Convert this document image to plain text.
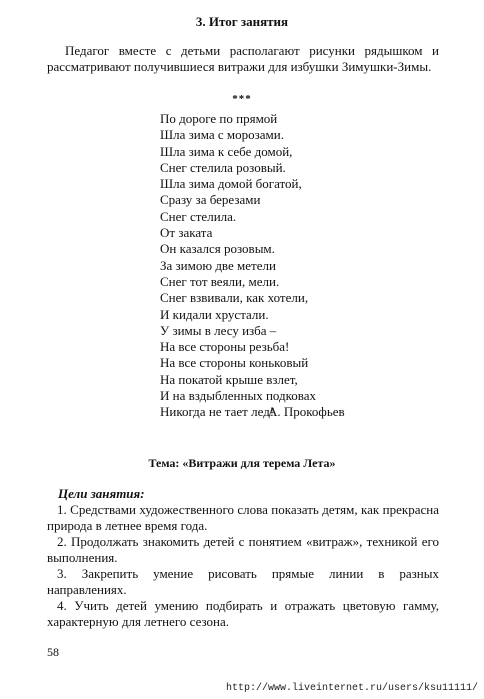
3. Итог занятия

Педагог вместе с детьми располагают рисунки рядышком и рассматривают получившиеся витражи для избушки Зимушки-Зимы.

***
По дороге по прямой
Шла зима с морозами.
Шла зима к себе домой,
Снег стелила розовый.
Шла зима домой богатой,
Сразу за березами
Снег стелила.
От заката
Он казался розовым.
За зимою две метели
Снег тот веяли, мели.
Снег взвивали, как хотели,
И кидали хрустали.
У зимы в лесу изба –
На все стороны резьба!
На все стороны коньковый
На покатой крыше взлет,
И на вздыбленных подковах
Никогда не тает лед!
А. Прокофьев
Тема: «Витражи для терема Лета»
Цели занятия:
1. Средствами художественного слова показать детям, как прекрасна природа в летнее время года.
2. Продолжать знакомить детей с понятием «витраж», техникой его выполнения.
3. Закрепить умение рисовать прямые линии в разных направлениях.
4. Учить детей умению подбирать и отражать цветовую гамму, характерную для летнего сезона.
58
http://www.liveinternet.ru/users/ksu11111/
